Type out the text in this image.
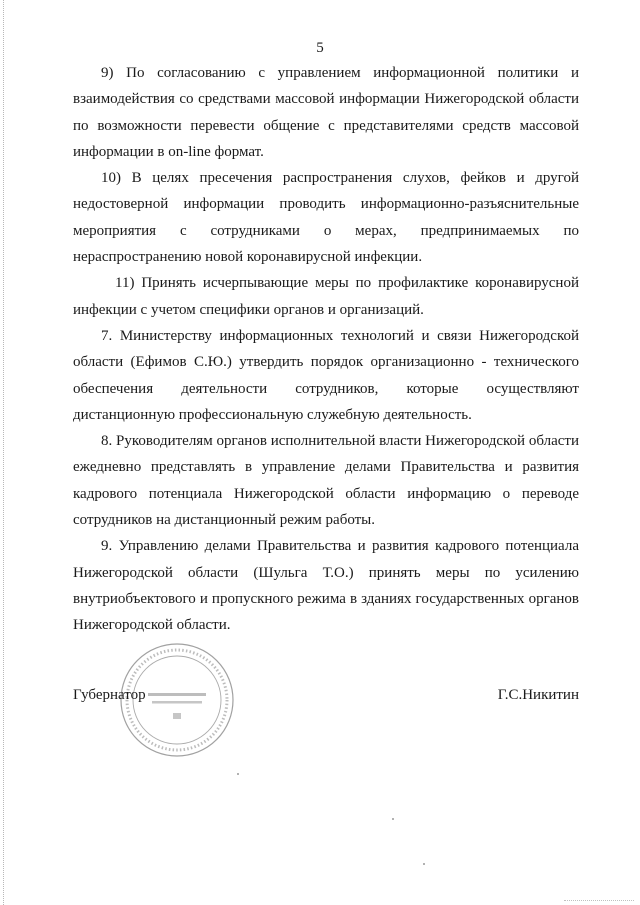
5

9) По согласованию с управлением информационной политики и взаимодействия со средствами массовой информации Нижегородской области по возможности перевести общение с представителями средств массовой информации в on-line формат.

10) В целях пресечения распространения слухов, фейков и другой недостоверной информации проводить информационно-разъяснительные мероприятия с сотрудниками о мерах, предпринимаемых по нераспространению новой коронавирусной инфекции.

11) Принять исчерпывающие меры по профилактике коронавирусной инфекции с учетом специфики органов и организаций.

7. Министерству информационных технологий и связи Нижегородской области (Ефимов С.Ю.) утвердить порядок организационно - технического обеспечения деятельности сотрудников, которые осуществляют дистанционную профессиональную служебную деятельность.

8. Руководителям органов исполнительной власти Нижегородской области ежедневно представлять в управление делами Правительства и развития кадрового потенциала Нижегородской области информацию о переводе сотрудников на дистанционный режим работы.

9. Управлению делами Правительства и развития кадрового потенциала Нижегородской области (Шульга Т.О.) принять меры по усилению внутриобъектового и пропускного режима в зданиях государственных органов Нижегородской области.

Губернатор	Г.С.Никитин
